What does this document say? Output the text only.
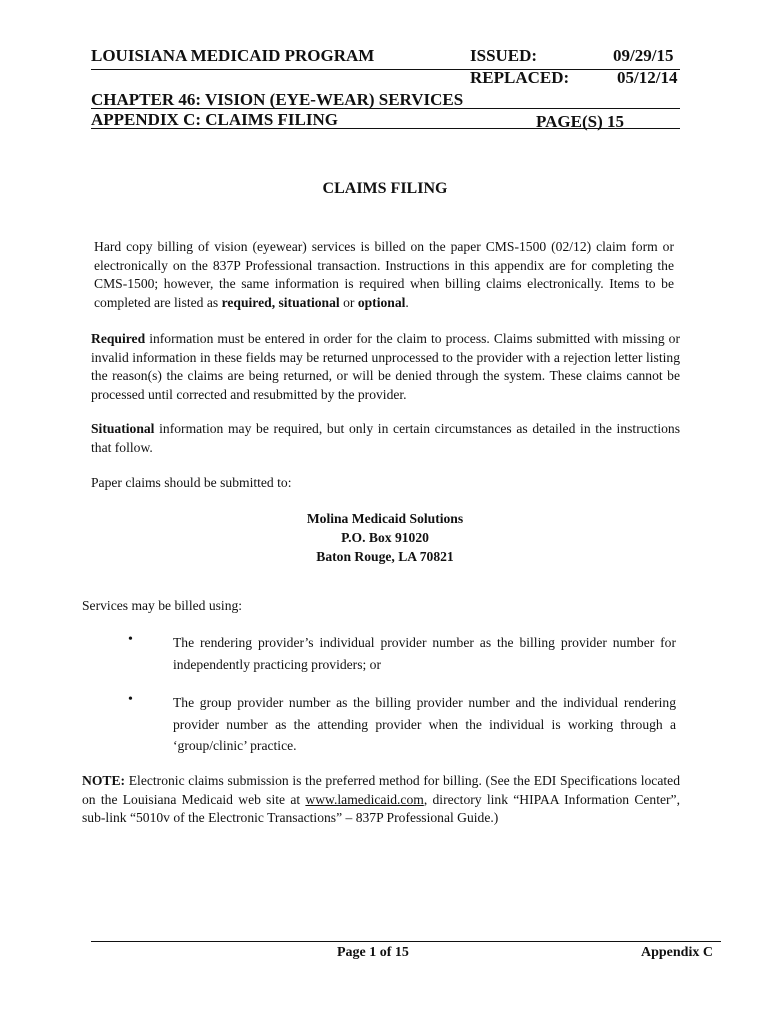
LOUISIANA MEDICAID PROGRAM	ISSUED:	09/29/15
REPLACED:	05/12/14
CHAPTER 46: VISION (EYE-WEAR) SERVICES
APPENDIX C: CLAIMS FILING	PAGE(S) 15
CLAIMS FILING
Hard copy billing of vision (eyewear) services is billed on the paper CMS-1500 (02/12) claim form or electronically on the 837P Professional transaction. Instructions in this appendix are for completing the CMS-1500; however, the same information is required when billing claims electronically. Items to be completed are listed as required, situational or optional.
Required information must be entered in order for the claim to process. Claims submitted with missing or invalid information in these fields may be returned unprocessed to the provider with a rejection letter listing the reason(s) the claims are being returned, or will be denied through the system. These claims cannot be processed until corrected and resubmitted by the provider.
Situational information may be required, but only in certain circumstances as detailed in the instructions that follow.
Paper claims should be submitted to:
Molina Medicaid Solutions
P.O. Box 91020
Baton Rouge, LA 70821
Services may be billed using:
•	The rendering provider’s individual provider number as the billing provider number for independently practicing providers; or
•	The group provider number as the billing provider number and the individual rendering provider number as the attending provider when the individual is working through a ‘group/clinic’ practice.
NOTE: Electronic claims submission is the preferred method for billing. (See the EDI Specifications located on the Louisiana Medicaid web site at www.lamedicaid.com, directory link “HIPAA Information Center”, sub-link “5010v of the Electronic Transactions” – 837P Professional Guide.)
Page 1 of 15	Appendix C
